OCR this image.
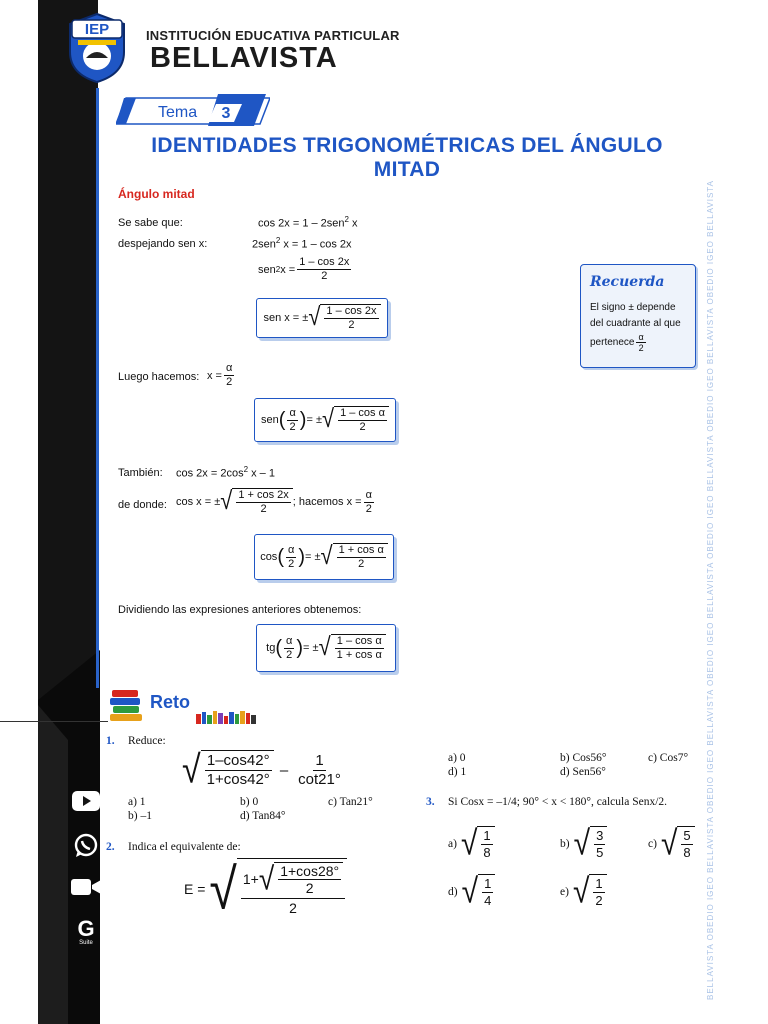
G
Suite
IEP	INSTITUCIÓN EDUCATIVA PARTICULAR
BELLAVISTA
BELLAVISTA OBEDIO IGEO BELLAVISTA OBEDIO IGEO BELLAVISTA OBEDIO IGEO BELLAVISTA OBEDIO IGEO BELLAVISTA OBEDIO IGEO BELLAVISTA OBEDIO IGEO BELLAVISTA
Tema 3
IDENTIDADES TRIGONOMÉTRICAS DEL ÁNGULO
MITAD
Ángulo mitad
Se sabe que:	cos 2x = 1 – 2sen$^2$ x
despejando sen x:	2sen$^2$ x = 1 – cos 2x
sen 2 $x = \frac{1 - \cos 2x}{2}$
sen x = ± √ $\frac{1 - \cos 2x}{2}$
Luego hacemos: $x = \frac{\alpha}{2}$
sen ( $\frac{\alpha}{2}$ ) = ± √ $\frac{\text{1 – cos α}}{2}$
También: $\cos 2x = 2\cos^2$ x – 1
de donde: cos x = ± √ $\frac{1 + \cos 2x}{2}$ ; hacemos $x = \frac{\alpha}{2}$
cos ( $\frac{\alpha}{2}$ ) = ± √ $\frac{\text{1 + cos α}}{2}$
Dividiendo las expresiones anteriores obtenemos:
tg ( $\frac{\alpha}{2}$ ) = ± √ $\frac{\text{1 – cos α}}{\text{1 + cos α}}$
Recuerda
El signo ± depende
del cuadrante al que
pertenece $\frac{\alpha}{2}$
Reto
1. Reduce:
√ $\frac{1-\cos 42^\circ}{1+\cos 42^\circ} - \frac{1}{\cot 21^\circ}$
a) 1	b) 0	c) Tan21°
b) –1	d) Tan84°
2. Indica el equivalente de:
E = √ $\frac{1+ √ \frac{1+\cos 28^\circ}{2}}{2}$
a) 0	b) Cos56°	c) Cos7°
d) 1	d) Sen56°
3. Si Cosx = –1/4; 90° < x < 180°, calcula Senx/2.
a) √ $\frac{1}{8}$	b) √ $\frac{3}{5}$	c) √ $\frac{5}{8}$
d) √ $\frac{1}{4}$	e) √ $\frac{1}{2}$
